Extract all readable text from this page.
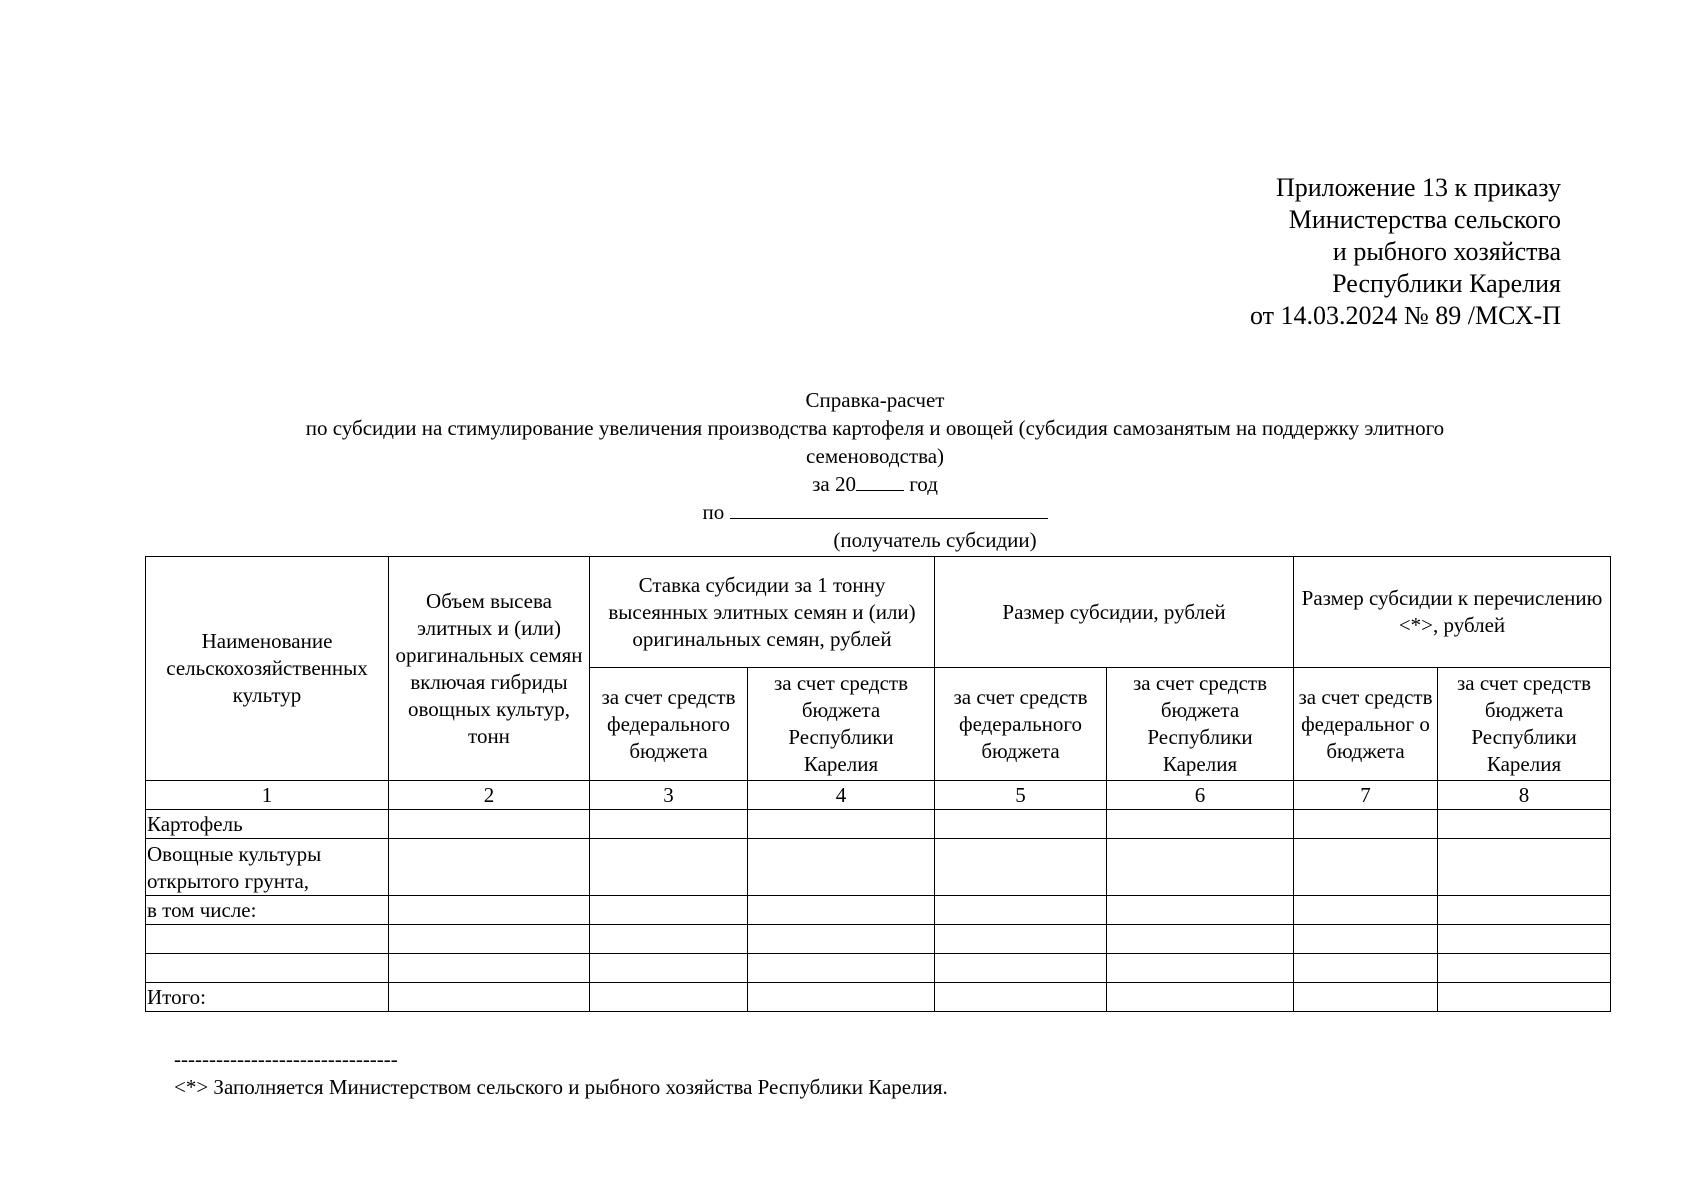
Приложение 13 к приказу
Министерства сельского
и рыбного хозяйства
Республики Карелия
от 14.03.2024 № 89 /МСХ-П
Справка-расчет
по субсидии на стимулирование увеличения производства картофеля и овощей (субсидия самозанятым на поддержку элитного
семеноводства)
за 20 год
по
(получатель субсидии)
Наименование сельскохозяйственных культур	Объем высева элитных и (или) оригинальных семян включая гибриды овощных культур, тонн	Ставка субсидии за 1 тонну высеянных элитных семян и (или) оригинальных семян, рублей		Размер субсидии, рублей		Размер субсидии к перечислению <*>, рублей	
		за счет средств федерального бюджета	за счет средств бюджета Республики Карелия	за счет средств федерального бюджета	за счет средств бюджета Республики Карелия	за счет средств федеральног о бюджета	за счет средств бюджета Республики Карелия
1	2	3	4	5	6	7	8
Картофель							
Овощные культуры открытого грунта,							
в том числе:							

Итого:							
--------------------------------
<*> Заполняется Министерством сельского и рыбного хозяйства Республики Карелия.
